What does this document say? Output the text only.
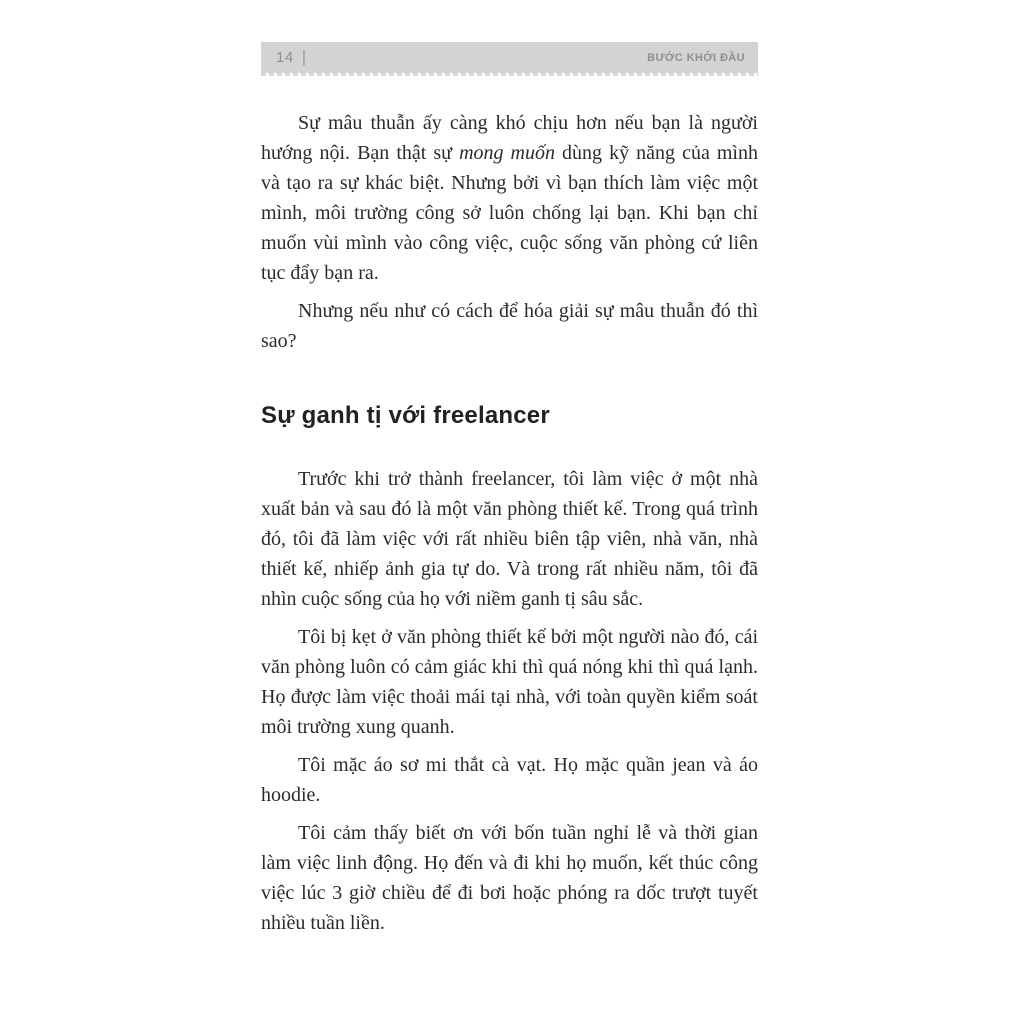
14 |	BƯỚC KHỞI ĐẦU

Sự mâu thuẫn ấy càng khó chịu hơn nếu bạn là người hướng nội. Bạn thật sự mong muốn dùng kỹ năng của mình và tạo ra sự khác biệt. Nhưng bởi vì bạn thích làm việc một mình, môi trường công sở luôn chống lại bạn. Khi bạn chỉ muốn vùi mình vào công việc, cuộc sống văn phòng cứ liên tục đẩy bạn ra.

Nhưng nếu như có cách để hóa giải sự mâu thuẫn đó thì sao?

Sự ganh tị với freelancer

Trước khi trở thành freelancer, tôi làm việc ở một nhà xuất bản và sau đó là một văn phòng thiết kế. Trong quá trình đó, tôi đã làm việc với rất nhiều biên tập viên, nhà văn, nhà thiết kế, nhiếp ảnh gia tự do. Và trong rất nhiều năm, tôi đã nhìn cuộc sống của họ với niềm ganh tị sâu sắc.

Tôi bị kẹt ở văn phòng thiết kế bởi một người nào đó, cái văn phòng luôn có cảm giác khi thì quá nóng khi thì quá lạnh. Họ được làm việc thoải mái tại nhà, với toàn quyền kiểm soát môi trường xung quanh.

Tôi mặc áo sơ mi thắt cà vạt. Họ mặc quần jean và áo hoodie.

Tôi cảm thấy biết ơn với bốn tuần nghỉ lễ và thời gian làm việc linh động. Họ đến và đi khi họ muốn, kết thúc công việc lúc 3 giờ chiều để đi bơi hoặc phóng ra dốc trượt tuyết nhiều tuần liền.
